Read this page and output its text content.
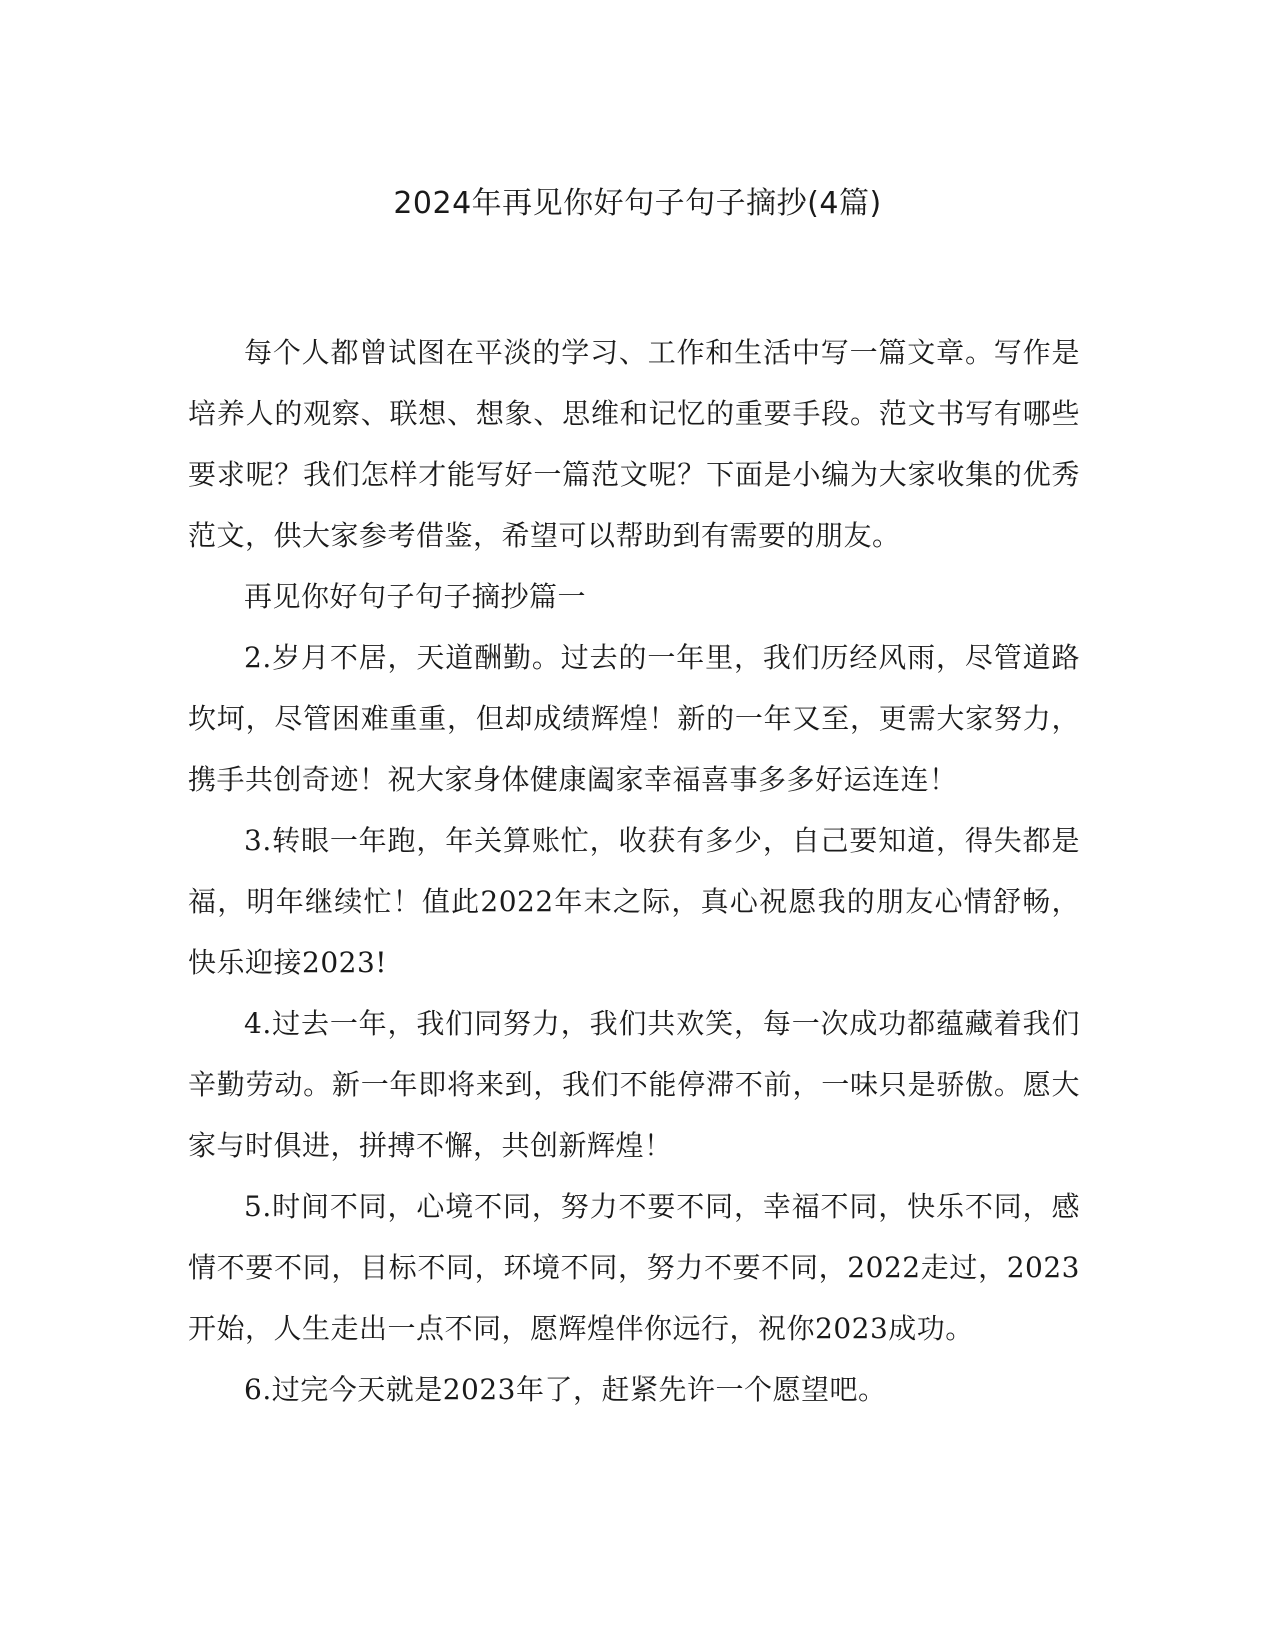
2024年再见你好句子句子摘抄(4篇)

每个人都曾试图在平淡的学习、工作和生活中写一篇文章。写作是培养人的观察、联想、想象、思维和记忆的重要手段。范文书写有哪些要求呢？我们怎样才能写好一篇范文呢？下面是小编为大家收集的优秀范文，供大家参考借鉴，希望可以帮助到有需要的朋友。

再见你好句子句子摘抄篇一

2.岁月不居，天道酬勤。过去的一年里，我们历经风雨，尽管道路坎坷，尽管困难重重，但却成绩辉煌！新的一年又至，更需大家努力，携手共创奇迹！祝大家身体健康阖家幸福喜事多多好运连连！

3.转眼一年跑，年关算账忙，收获有多少，自己要知道，得失都是福，明年继续忙！值此2022年末之际，真心祝愿我的朋友心情舒畅，快乐迎接2023!

4.过去一年，我们同努力，我们共欢笑，每一次成功都蕴藏着我们辛勤劳动。新一年即将来到，我们不能停滞不前，一味只是骄傲。愿大家与时俱进，拼搏不懈，共创新辉煌！

5.时间不同，心境不同，努力不要不同，幸福不同，快乐不同，感情不要不同，目标不同，环境不同，努力不要不同，2022走过，2023开始，人生走出一点不同，愿辉煌伴你远行，祝你2023成功。

6.过完今天就是2023年了，赶紧先许一个愿望吧。
